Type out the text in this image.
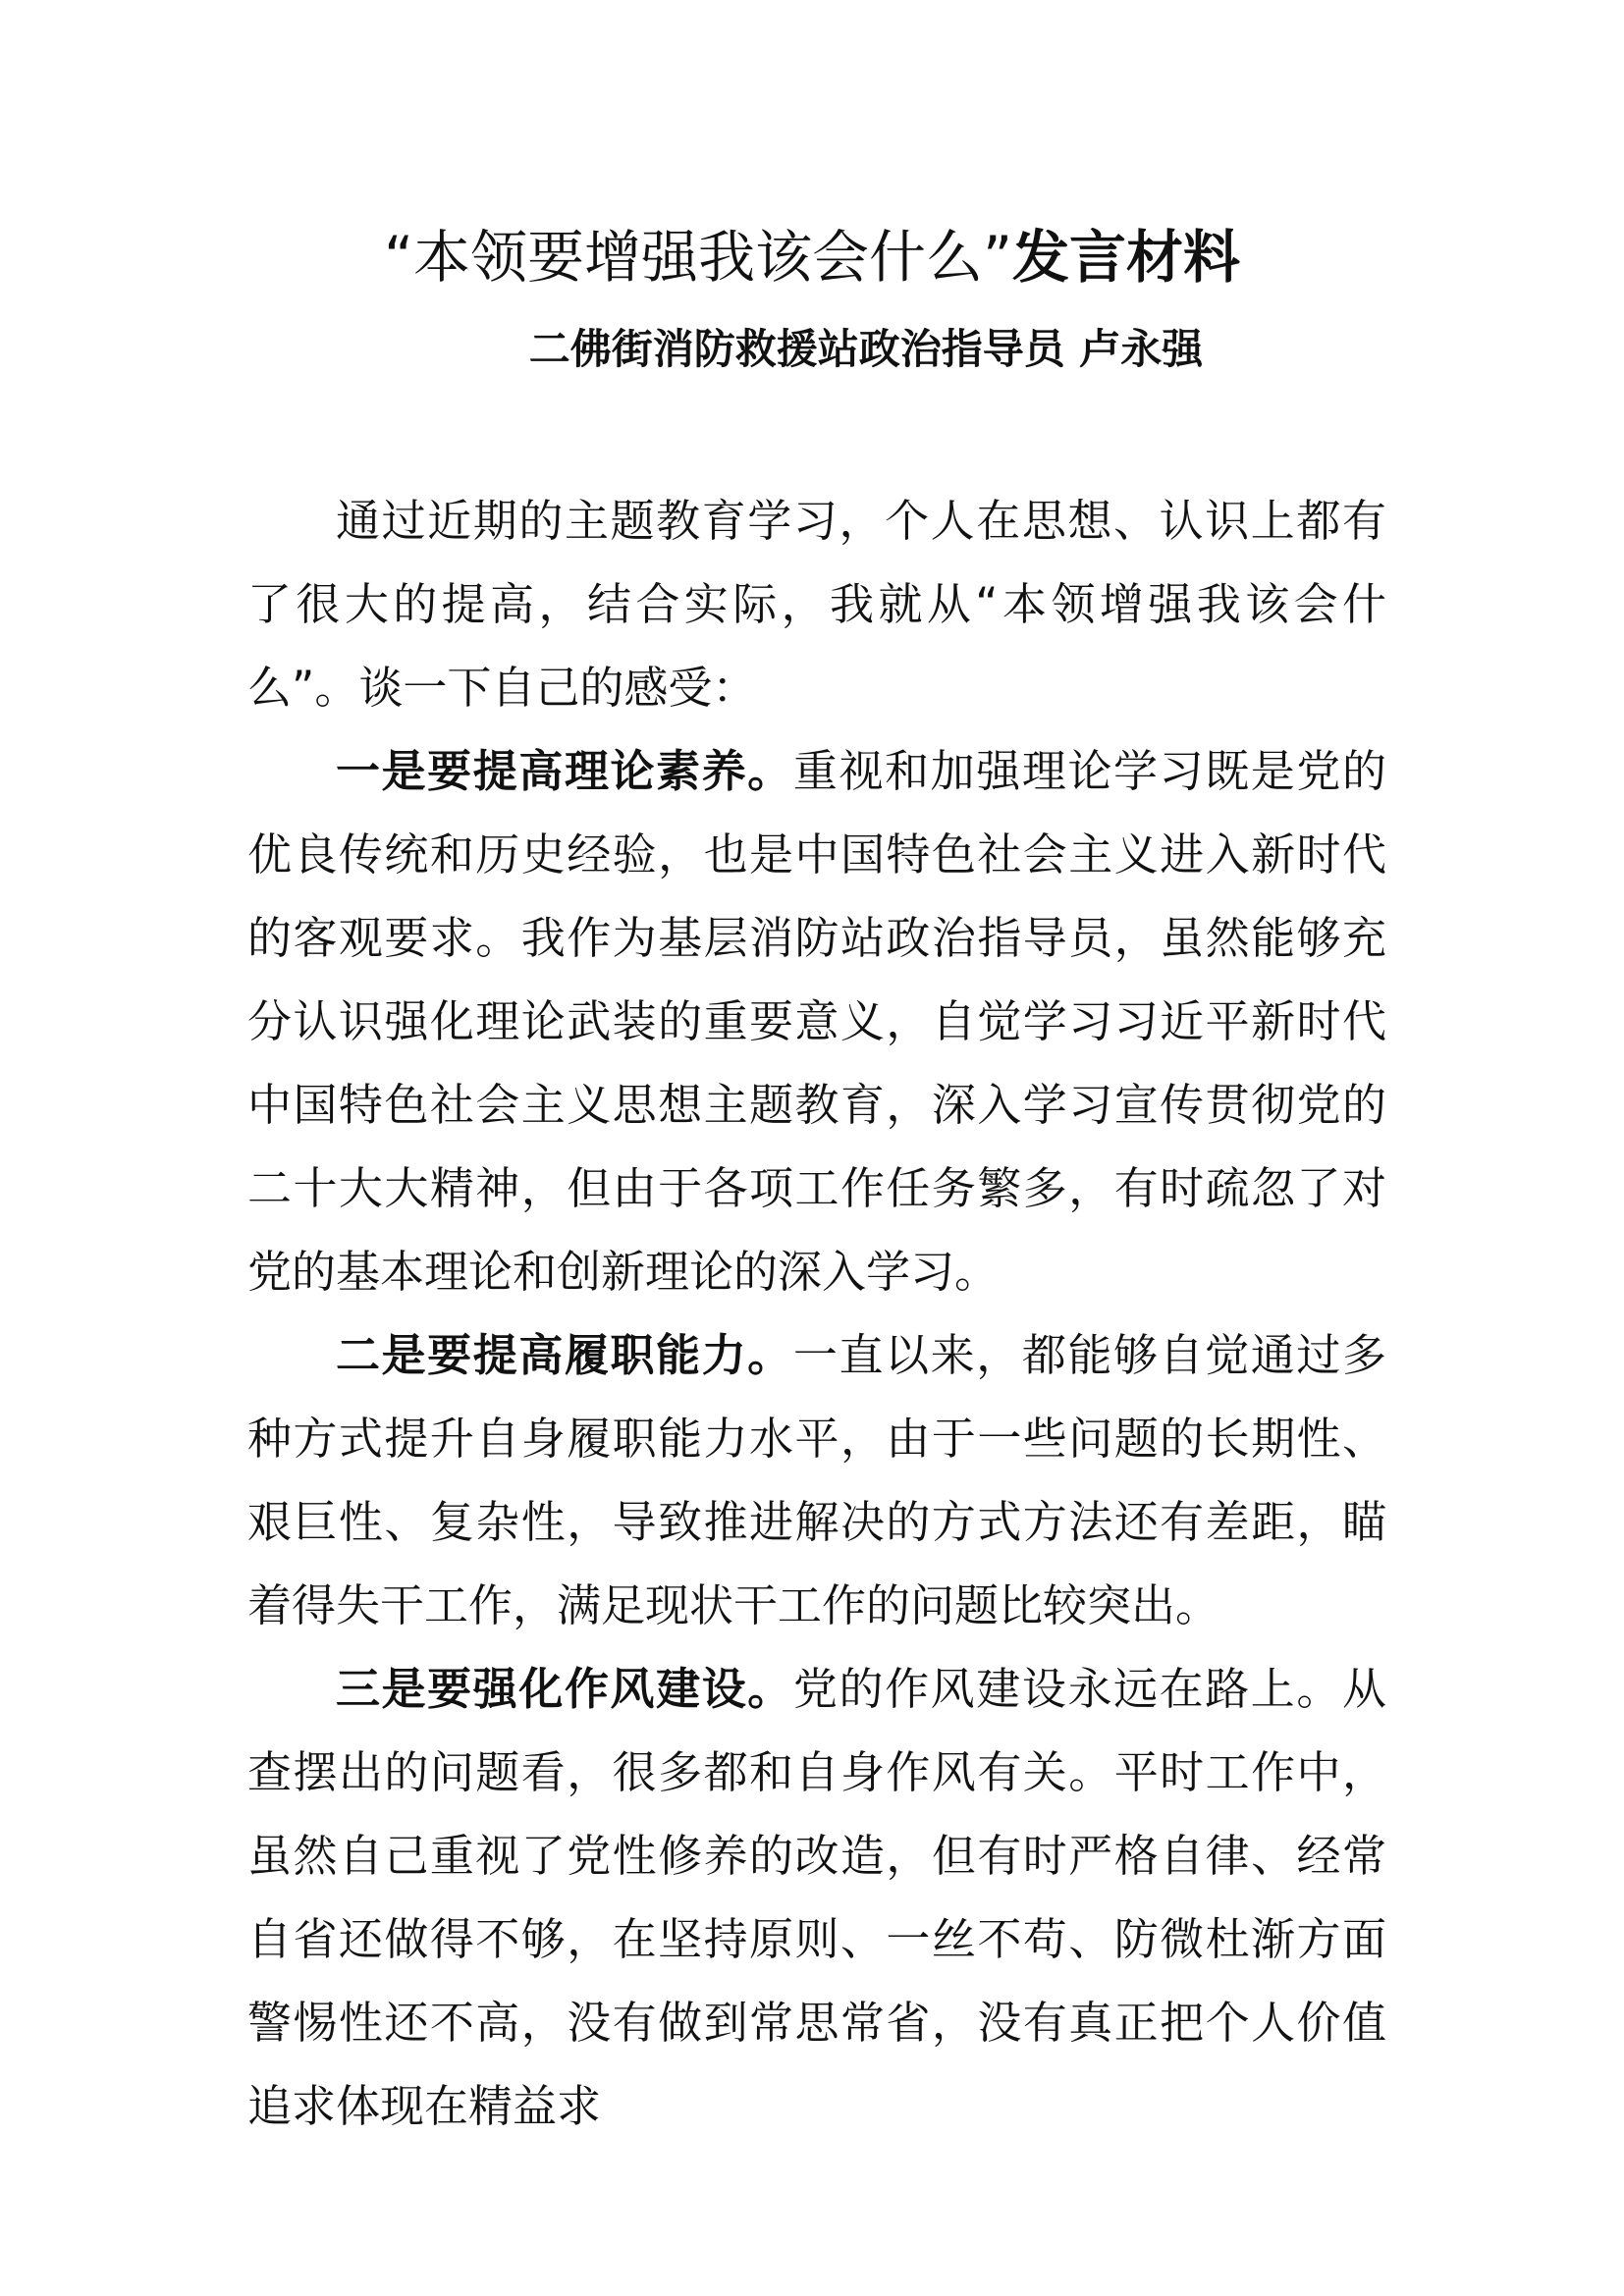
“本领要增强我该会什么”发言材料
二佛街消防救援站政治指导员 卢永强

通过近期的主题教育学习，个人在思想、认识上都有了很大的提高，结合实际，我就从“本领增强我该会什么”。谈一下自己的感受：

一是要提高理论素养。重视和加强理论学习既是党的优良传统和历史经验，也是中国特色社会主义进入新时代的客观要求。我作为基层消防站政治指导员，虽然能够充分认识强化理论武装的重要意义，自觉学习习近平新时代中国特色社会主义思想主题教育，深入学习宣传贯彻党的二十大大精神，但由于各项工作任务繁多，有时疏忽了对党的基本理论和创新理论的深入学习。

二是要提高履职能力。一直以来，都能够自觉通过多种方式提升自身履职能力水平，由于一些问题的长期性、艰巨性、复杂性，导致推进解决的方式方法还有差距，瞄着得失干工作，满足现状干工作的问题比较突出。

三是要强化作风建设。党的作风建设永远在路上。从查摆出的问题看，很多都和自身作风有关。平时工作中，虽然自己重视了党性修养的改造，但有时严格自律、经常自省还做得不够，在坚持原则、一丝不苟、防微杜渐方面警惕性还不高，没有做到常思常省，没有真正把个人价值追求体现在精益求
